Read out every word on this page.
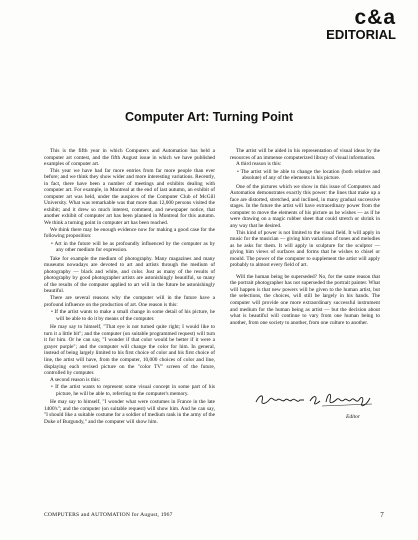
c&a
EDITORIAL
Computer Art: Turning Point

This is the fifth year in which Computers and Automation has held a computer art contest, and the fifth August issue in which we have published examples of computer art.

This year we have had far more entries from far more people than ever before; and we think they show wider and more interesting variations. Recently, in fact, there have been a number of meetings and exhibits dealing with computer art. For example, in Montreal at the end of last autumn, an exhibit of computer art was held, under the auspices of the Computer Club of McGill University. What was remarkable was that more than 12,000 persons visited the exhibit; and it drew so much interest, comment, and newspaper notice, that another exhibit of computer art has been planned in Montreal for this autumn. We think a turning point in computer art has been reached.

We think there may be enough evidence now for making a good case for the following proposition:

• Art in the future will be as profoundly influenced by the computer as by any other medium for expression.

Take for example the medium of photography. Many magazines and many museums nowadays are devoted to art and artists through the medium of photography — black and white, and color. Just as many of the results of photography by good photographer artists are astonishingly beautiful, so many of the results of the computer applied to art will in the future be astonishingly beautiful.

There are several reasons why the computer will in the future have a profound influence on the production of art. One reason is this:

• If the artist wants to make a small change in some detail of his picture, he will be able to do it by means of the computer.

He may say to himself, "That eye is not turned quite right; I would like to turn it a little bit"; and the computer (on suitable programmed request) will turn it for him. Or he can say, "I wonder if that color would be better if it were a grayer purple"; and the computer will change the color for him. In general, instead of being largely limited to his first choice of color and his first choice of line, the artist will have, from the computer, 10,000 choices of color and line, displaying each revised picture on the "color TV" screen of the future, controlled by computer.

A second reason is this:

• If the artist wants to represent some visual concept in some part of his picture, he will be able to, referring to the computer's memory.

He may say to himself, "I wonder what were costumes in France in the late 1400's"; and the computer (on suitable request) will show him. And he can say, "I should like a suitable costume for a soldier of medium rank in the army of the Duke of Burgundy," and the computer will show him.

The artist will be aided in his representation of visual ideas by the resources of an immense computerized library of visual information.

A third reason is this:

• The artist will be able to change the location (both relative and absolute) of any of the elements in his picture.

One of the pictures which we show in this issue of Computers and Automation demonstrates exactly this power: the lines that make up a face are distorted, stretched, and inclined, in many gradual successive stages. In the future the artist will have extraordinary power from the computer to move the elements of his picture as he wishes — as if he were drawing on a magic rubber sheet that could stretch or shrink in any way that he desired.

This kind of power is not limited to the visual field. It will apply in music for the musician — giving him variations of tones and melodies as he asks for them. It will apply in sculpture for the sculptor — giving him views of surfaces and forms that he wishes to chisel or mould. The power of the computer to supplement the artist will apply probably to almost every field of art.

Will the human being be superseded? No, for the same reason that the portrait photographer has not superseded the portrait painter. What will happen is that new powers will be given to the human artist, but the selections, the choices, will still be largely in his hands. The computer will provide one more extraordinary successful instrument and medium for the human being as artist — but the decision about what is beautiful will continue to vary from one human being to another, from one society to another, from one culture to another.

Editor
COMPUTERS and AUTOMATION for August, 1967	7
